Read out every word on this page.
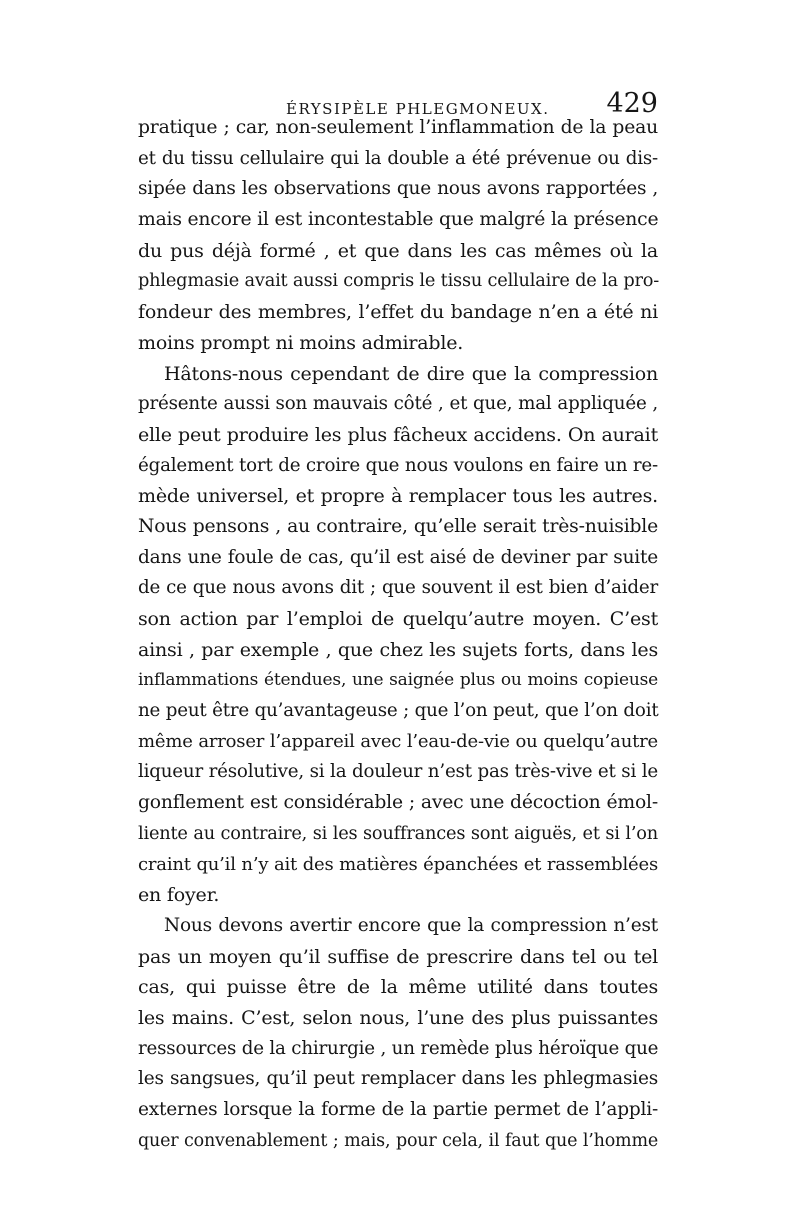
ÉRYSIPÈLE PHLEGMONEUX. 429
pratique ; car, non-seulement l’inflammation de la peau
et du tissu cellulaire qui la double a été prévenue ou dis-
sipée dans les observations que nous avons rapportées ,
mais encore il est incontestable que malgré la présence
du pus déjà formé , et que dans les cas mêmes où la
phlegmasie avait aussi compris le tissu cellulaire de la pro-
fondeur des membres, l’effet du bandage n’en a été ni
moins prompt ni moins admirable.
Hâtons-nous cependant de dire que la compression
présente aussi son mauvais côté , et que, mal appliquée ,
elle peut produire les plus fâcheux accidens. On aurait
également tort de croire que nous voulons en faire un re-
mède universel, et propre à remplacer tous les autres.
Nous pensons , au contraire, qu’elle serait très-nuisible
dans une foule de cas, qu’il est aisé de deviner par suite
de ce que nous avons dit ; que souvent il est bien d’aider
son action par l’emploi de quelqu’autre moyen. C’est
ainsi , par exemple , que chez les sujets forts, dans les
inflammations étendues, une saignée plus ou moins copieuse
ne peut être qu’avantageuse ; que l’on peut, que l’on doit
même arroser l’appareil avec l’eau-de-vie ou quelqu’autre
liqueur résolutive, si la douleur n’est pas très-vive et si le
gonflement est considérable ; avec une décoction émol-
liente au contraire, si les souffrances sont aiguës, et si l’on
craint qu’il n’y ait des matières épanchées et rassemblées
en foyer.
Nous devons avertir encore que la compression n’est
pas un moyen qu’il suffise de prescrire dans tel ou tel
cas, qui puisse être de la même utilité dans toutes
les mains. C’est, selon nous, l’une des plus puissantes
ressources de la chirurgie , un remède plus héroïque que
les sangsues, qu’il peut remplacer dans les phlegmasies
externes lorsque la forme de la partie permet de l’appli-
quer convenablement ; mais, pour cela, il faut que l’homme
